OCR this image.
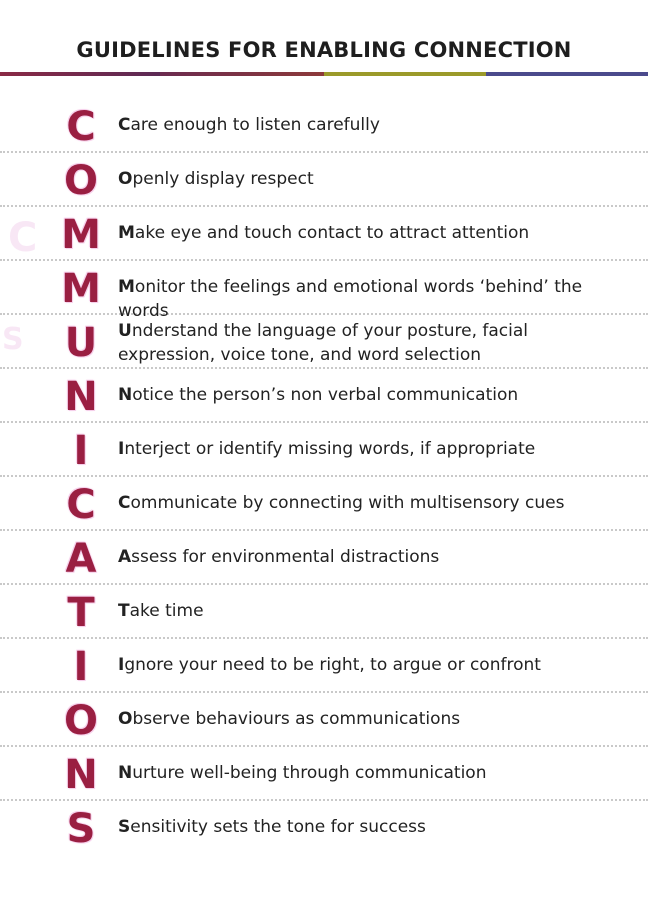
GUIDELINES FOR ENABLING CONNECTION
C
S
C	Care enough to listen carefully
O	Openly display respect
M	Make eye and touch contact to attract attention
M	Monitor the feelings and emotional words ‘behind’ the words
U	Understand the language of your posture, facial expression, voice tone, and word selection
N	Notice the person’s non verbal communication
I	Interject or identify missing words, if appropriate
C	Communicate by connecting with multisensory cues
A	Assess for environmental distractions
T	Take time
I	Ignore your need to be right, to argue or confront
O	Observe behaviours as communications
N	Nurture well-being through communication
S	Sensitivity sets the tone for success
